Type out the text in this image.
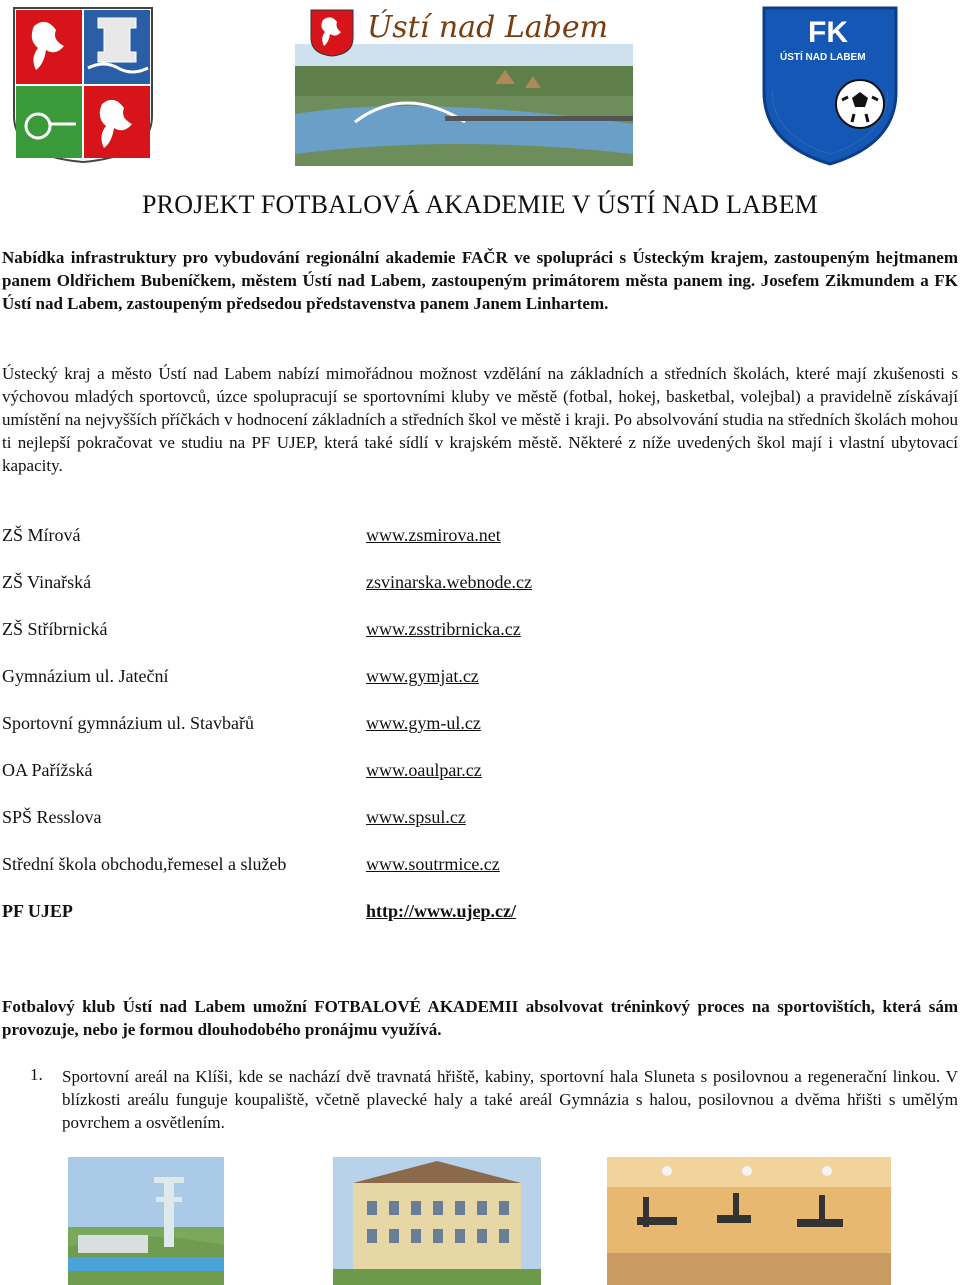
Ústí nad Labem	FK
ÚSTÍ NAD LABEM
PROJEKT FOTBALOVÁ AKADEMIE V ÚSTÍ NAD LABEM
Nabídka infrastruktury pro vybudování regionální akademie FAČR ve spolupráci s Ústeckým krajem, zastoupeným hejtmanem panem Oldřichem Bubeníčkem, městem Ústí nad Labem, zastoupeným primátorem města panem ing. Josefem Zikmundem a FK Ústí nad Labem, zastoupeným předsedou představenstva panem Janem Linhartem.
Ústecký kraj a město Ústí nad Labem nabízí mimořádnou možnost vzdělání na základních a středních školách, které mají zkušenosti s výchovou mladých sportovců, úzce spolupracují se sportovními kluby ve městě (fotbal, hokej, basketbal, volejbal) a pravidelně získávají umístění na nejvyšších příčkách v hodnocení základních a středních škol ve městě i kraji. Po absolvování studia na středních školách mohou ti nejlepší pokračovat ve studiu na PF UJEP, která také sídlí v krajském městě. Některé z níže uvedených škol mají i vlastní ubytovací kapacity.
ZŠ Mírová	www.zsmirova.net
ZŠ Vinařská	zsvinarska.webnode.cz
ZŠ Stříbrnická	www.zsstribrnicka.cz
Gymnázium ul. Jateční	www.gymjat.cz
Sportovní gymnázium ul. Stavbařů	www.gym-ul.cz
OA Pařížská	www.oaulpar.cz
SPŠ Resslova	www.spsul.cz
Střední škola obchodu,řemesel a služeb	www.soutrmice.cz
PF UJEP	http://www.ujep.cz/
Fotbalový klub Ústí nad Labem umožní FOTBALOVÉ AKADEMII absolvovat tréninkový proces na sportovištích, která sám provozuje, nebo je formou dlouhodobého pronájmu využívá.
1. Sportovní areál na Klíši, kde se nachází dvě travnatá hřiště, kabiny, sportovní hala Sluneta s posilovnou a regenerační linkou. V blízkosti areálu funguje koupaliště, včetně plavecké haly a také areál Gymnázia s halou, posilovnou a dvěma hřišti s umělým povrchem a osvětlením.
